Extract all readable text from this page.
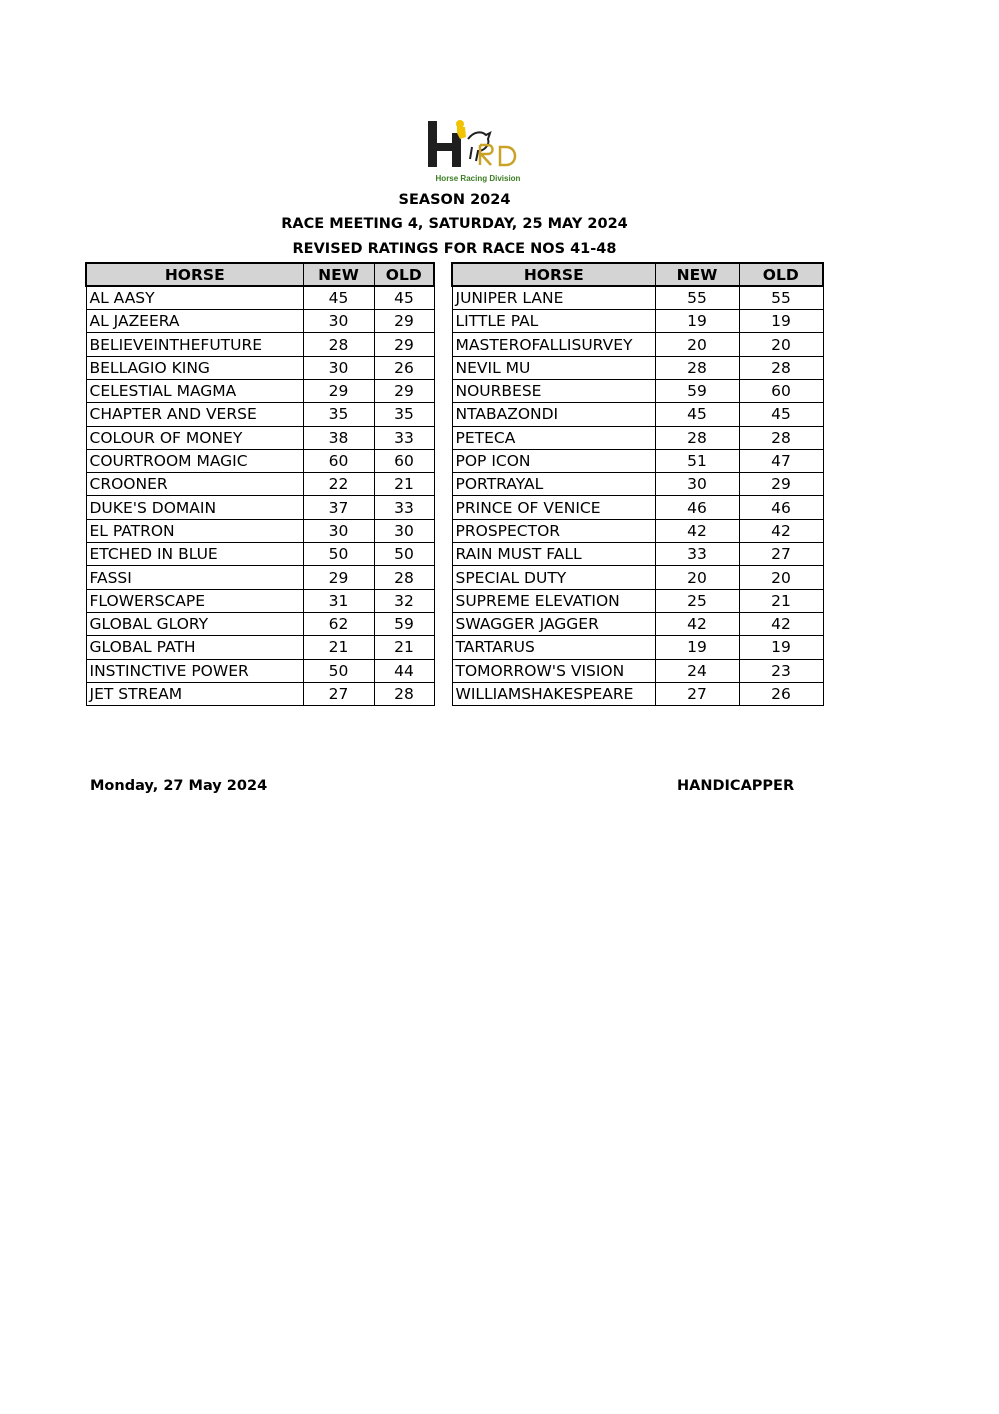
Horse Racing Division
SEASON 2024
RACE MEETING 4, SATURDAY, 25 MAY 2024
REVISED RATINGS FOR RACE NOS 41-48
HORSE	NEW	OLD
AL AASY	45	45
AL JAZEERA	30	29
BELIEVEINTHEFUTURE	28	29
BELLAGIO KING	30	26
CELESTIAL MAGMA	29	29
CHAPTER AND VERSE	35	35
COLOUR OF MONEY	38	33
COURTROOM MAGIC	60	60
CROONER	22	21
DUKE'S DOMAIN	37	33
EL PATRON	30	30
ETCHED IN BLUE	50	50
FASSI	29	28
FLOWERSCAPE	31	32
GLOBAL GLORY	62	59
GLOBAL PATH	21	21
INSTINCTIVE POWER	50	44
JET STREAM	27	28
HORSE	NEW	OLD
JUNIPER LANE	55	55
LITTLE PAL	19	19
MASTEROFALLISURVEY	20	20
NEVIL MU	28	28
NOURBESE	59	60
NTABAZONDI	45	45
PETECA	28	28
POP ICON	51	47
PORTRAYAL	30	29
PRINCE OF VENICE	46	46
PROSPECTOR	42	42
RAIN MUST FALL	33	27
SPECIAL DUTY	20	20
SUPREME ELEVATION	25	21
SWAGGER JAGGER	42	42
TARTARUS	19	19
TOMORROW'S VISION	24	23
WILLIAMSHAKESPEARE	27	26
Monday, 27 May 2024	HANDICAPPER
